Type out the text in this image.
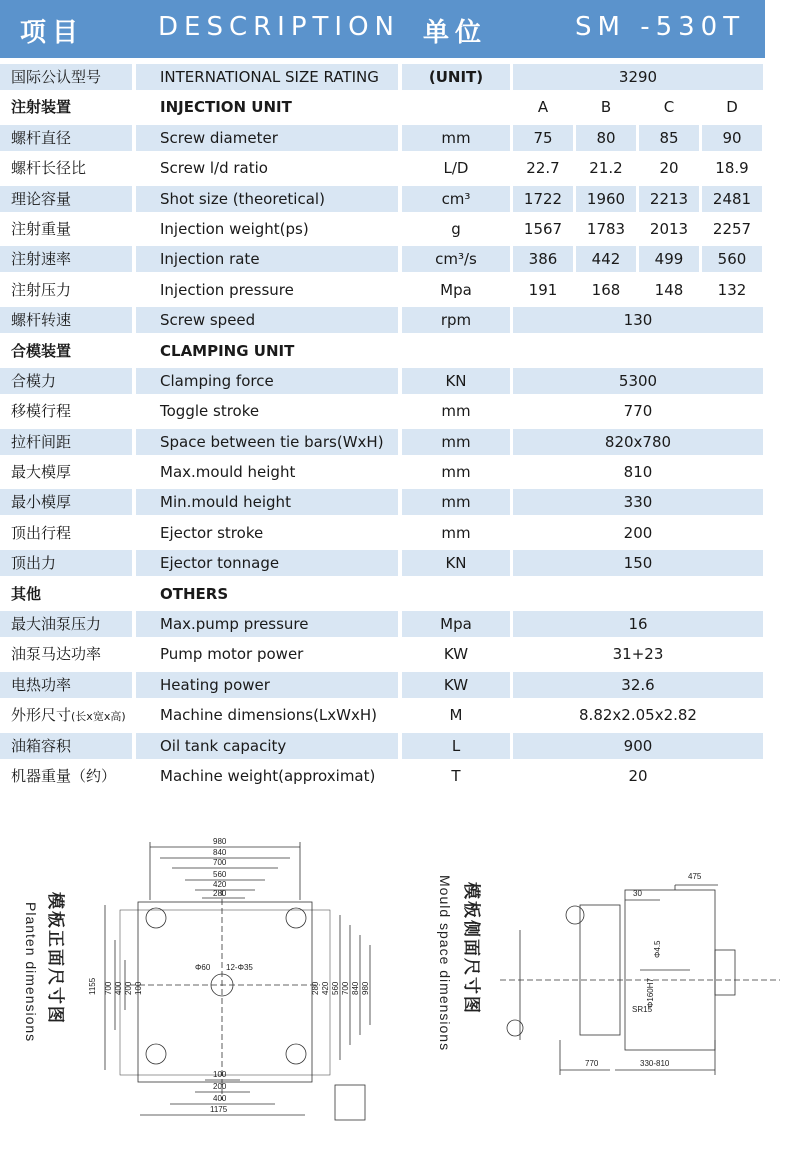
项目	DESCRIPTION 单位	SM -530T
国际公认型号	INTERNATIONAL SIZE RATING	(UNIT)	3290
注射装置	INJECTION UNIT	A	B	C	D
螺杆直径	Screw diameter	mm	75	80	85	90
螺杆长径比	Screw l/d ratio	L/D	22.7	21.2	20	18.9
理论容量	Shot size (theoretical)	cm³	1722	1960	2213	2481
注射重量	Injection weight(ps)	g	1567	1783	2013	2257
注射速率	Injection rate	cm³/s	386	442	499	560
注射压力	Injection pressure	Mpa	191	168	148	132
螺杆转速	Screw speed	rpm	130
合模装置	CLAMPING UNIT
合模力	Clamping force	KN	5300
移模行程	Toggle stroke	mm	770
拉杆间距	Space between tie bars(WxH)	mm	820x780
最大模厚	Max.mould height	mm	810
最小模厚	Min.mould height	mm	330
顶出行程	Ejector stroke	mm	200
顶出力	Ejector tonnage	KN	150
其他	OTHERS
最大油泵压力	Max.pump pressure	Mpa	16
油泵马达功率	Pump motor power	KW	31+23
电热功率	Heating power	KW	32.6
外形尺寸(长x宽x高)	Machine dimensions(LxWxH)	M	8.82x2.05x2.82
油箱容积	Oil tank capacity	L	900
机器重量（约）	Machine weight(approximat)	T	20
980
840
700
560
420
280
Φ60 12-Φ35
100
200
400
1175
1155 700 400 200 100	280 420 560 700 840 980
模板正面尺寸图
Planten dimensions	模板侧面尺寸图
Mould space dimensions	475
30
Φ4.5
Φ160H7
SR15
770	330-810
